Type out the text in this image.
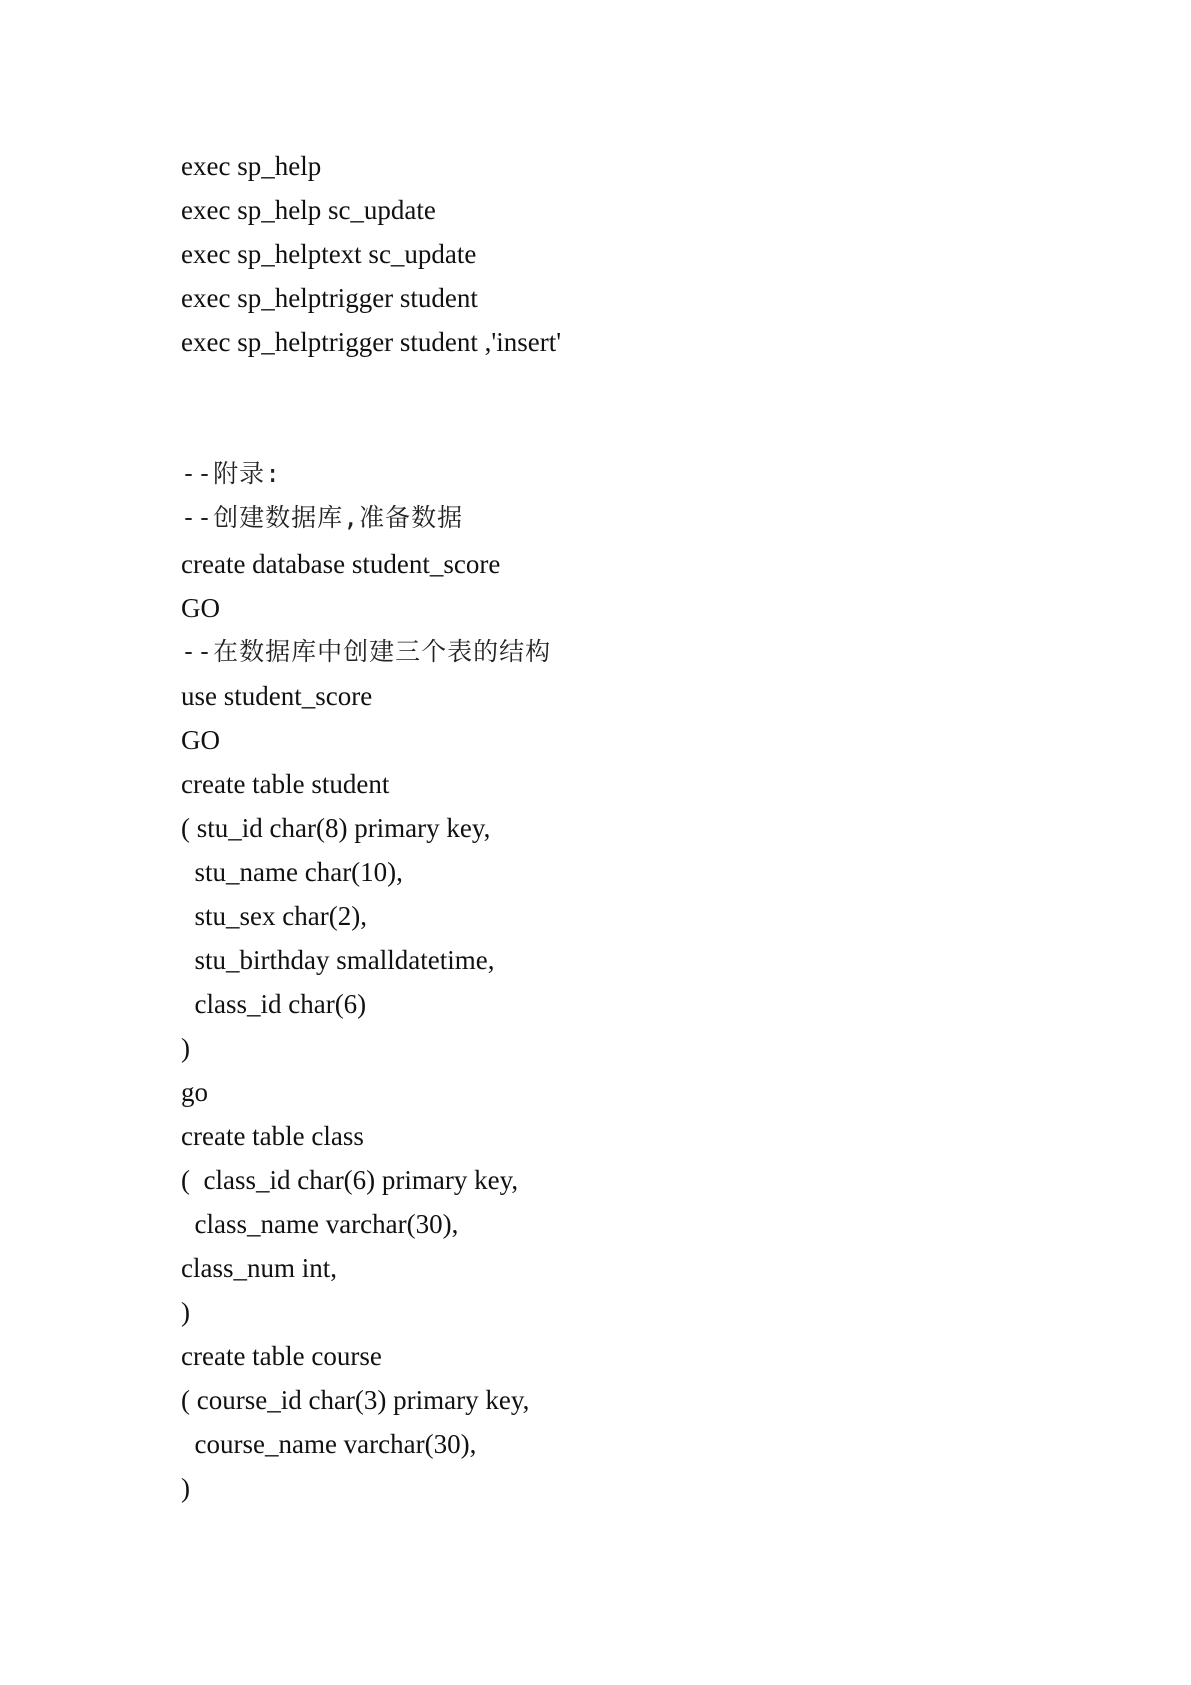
exec sp_help
exec sp_help sc_update
exec sp_helptext sc_update
exec sp_helptrigger student
exec sp_helptrigger student ,'insert'
--附录:
--创建数据库,准备数据
create database student_score
GO
--在数据库中创建三个表的结构
use student_score
GO
create table student
( stu_id char(8) primary key,
stu_name char(10),
stu_sex char(2),
stu_birthday smalldatetime,
class_id char(6)
)
go
create table class
(  class_id char(6) primary key,
class_name varchar(30),
class_num int,
)
create table course
( course_id char(3) primary key,
course_name varchar(30),
)
